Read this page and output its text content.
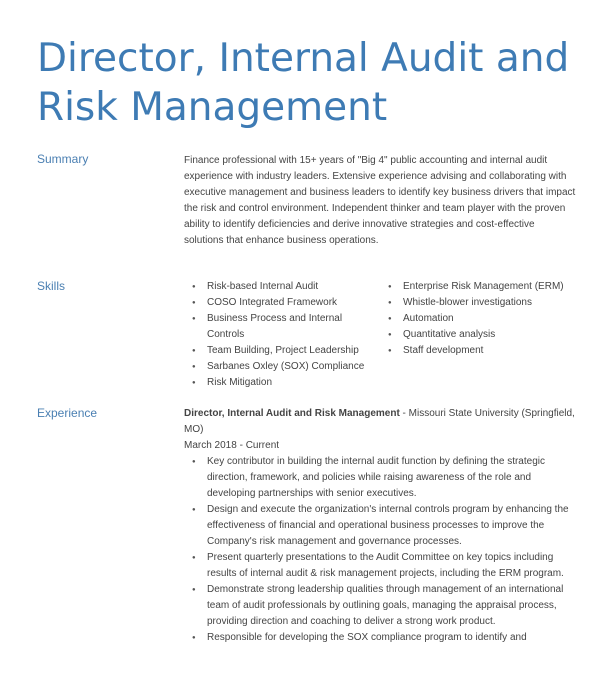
Director, Internal Audit and Risk Management
Summary	Finance professional with 15+ years of "Big 4" public accounting and internal audit experience with industry leaders. Extensive experience advising and collaborating with executive management and business leaders to identify key business drivers that impact the risk and control environment. Independent thinker and team player with the proven ability to identify deficiencies and derive innovative strategies and cost-effective solutions that enhance business operations.

Skills
●	Risk-based Internal Audit
● COSO Integrated Framework
● Business Process and Internal Controls
● Team Building, Project Leadership
● Sarbanes Oxley (SOX) Compliance
● Risk Mitigation
● Enterprise Risk Management (ERM)
● Whistle-blower investigations
● Automation
● Quantitative analysis
● Staff development
Experience	Director, Internal Audit and Risk Management - Missouri State University (Springfield, MO)

March 2018 - Current

● Key contributor in building the internal audit function by defining the strategic direction, framework, and policies while raising awareness of the role and developing partnerships with senior executives.
● Design and execute the organization's internal controls program by enhancing the effectiveness of financial and operational business processes to improve the Company's risk management and governance processes.
● Present quarterly presentations to the Audit Committee on key topics including results of internal audit & risk management projects, including the ERM program.
● Demonstrate strong leadership qualities through management of an international team of audit professionals by outlining goals, managing the appraisal process, providing direction and coaching to deliver a strong work product.
● Responsible for developing the SOX compliance program to identify and
